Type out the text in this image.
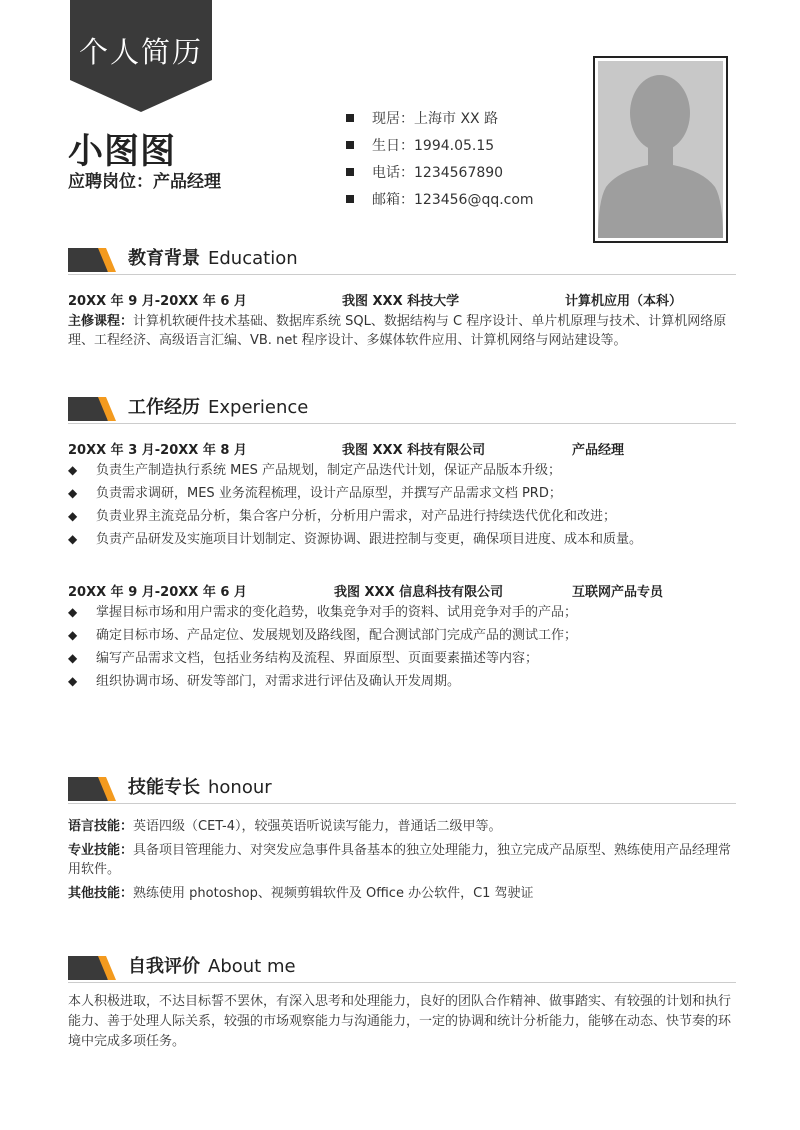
个人简历
小图图
应聘岗位：产品经理
现居：上海市 XX 路
生日：1994.05.15
电话：1234567890
邮箱：123456@qq.com
教育背景 Education
20XX 年 9 月-20XX 年 6 月	我图 XXX 科技大学	计算机应用（本科）
主修课程：计算机软硬件技术基础、数据库系统 SQL、数据结构与 C 程序设计、单片机原理与技术、计算机网络原理、工程经济、高级语言汇编、VB. net 程序设计、多媒体软件应用、计算机网络与网站建设等。
工作经历 Experience
20XX 年 3 月-20XX 年 8 月	我图 XXX 科技有限公司	产品经理
◆ 负责生产制造执行系统 MES 产品规划，制定产品迭代计划，保证产品版本升级；
◆ 负责需求调研，MES 业务流程梳理，设计产品原型，并撰写产品需求文档 PRD；
◆ 负责业界主流竞品分析，集合客户分析，分析用户需求，对产品进行持续迭代优化和改进；
◆ 负责产品研发及实施项目计划制定、资源协调、跟进控制与变更，确保项目进度、成本和质量。
20XX 年 9 月-20XX 年 6 月	我图 XXX 信息科技有限公司	互联网产品专员
◆ 掌握目标市场和用户需求的变化趋势，收集竞争对手的资料、试用竞争对手的产品；
◆ 确定目标市场、产品定位、发展规划及路线图，配合测试部门完成产品的测试工作；
◆ 编写产品需求文档，包括业务结构及流程、界面原型、页面要素描述等内容；
◆ 组织协调市场、研发等部门，对需求进行评估及确认开发周期。
技能专长 honour
语言技能：英语四级（CET-4），较强英语听说读写能力，普通话二级甲等。
专业技能：具备项目管理能力、对突发应急事件具备基本的独立处理能力，独立完成产品原型、熟练使用产品经理常用软件。
其他技能：熟练使用 photoshop、视频剪辑软件及 Office 办公软件，C1 驾驶证
自我评价 About me
本人积极进取，不达目标誓不罢休，有深入思考和处理能力，良好的团队合作精神、做事踏实、有较强的计划和执行能力、善于处理人际关系，较强的市场观察能力与沟通能力，一定的协调和统计分析能力，能够在动态、快节奏的环境中完成多项任务。
